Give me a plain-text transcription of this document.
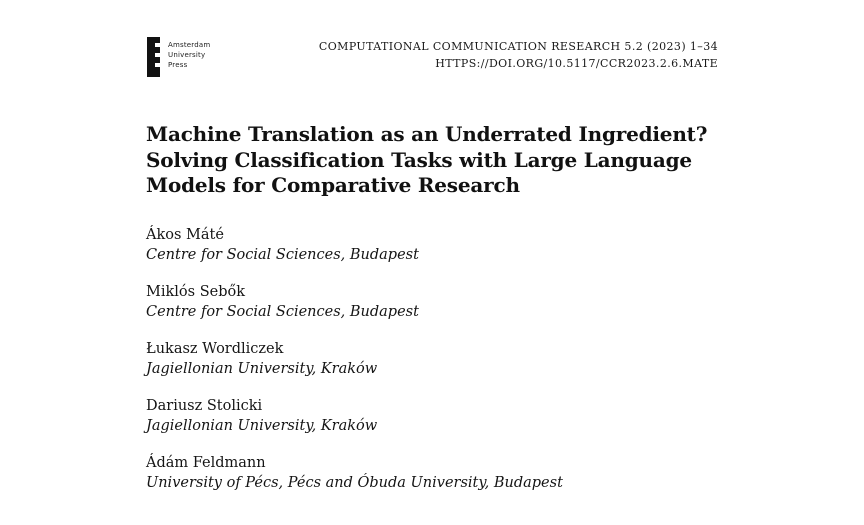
Amsterdam
University
Press
COMPUTATIONAL COMMUNICATION RESEARCH 5.2 (2023) 1–34
HTTPS://DOI.ORG/10.5117/CCR2023.2.6.MATE
Machine Translation as an Underrated Ingredient?
Solving Classification Tasks with Large Language
Models for Comparative Research
Ákos Máté
Centre for Social Sciences, Budapest
Miklós Sebők
Centre for Social Sciences, Budapest
Łukasz Wordliczek
Jagiellonian University, Kraków
Dariusz Stolicki
Jagiellonian University, Kraków
Ádám Feldmann
University of Pécs, Pécs and Óbuda University, Budapest
